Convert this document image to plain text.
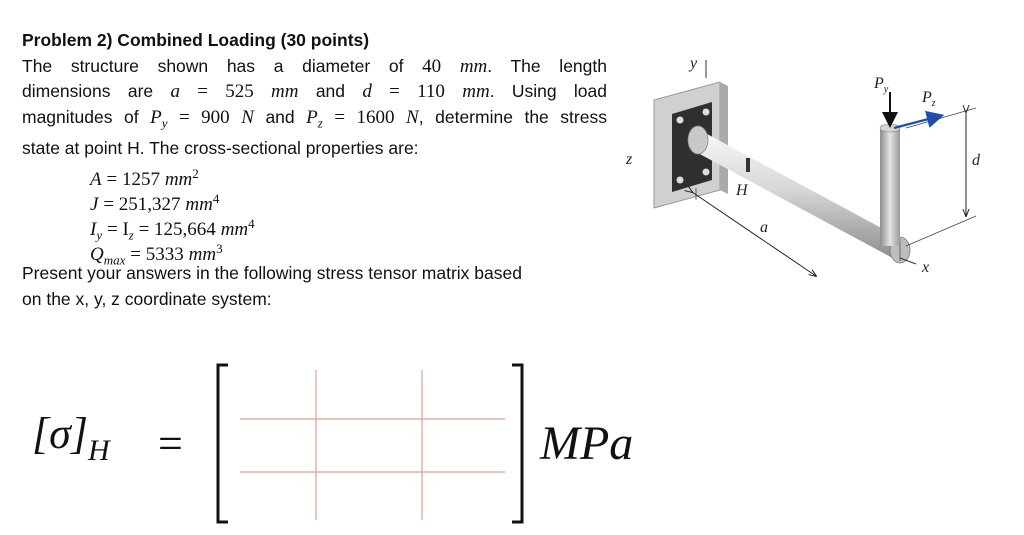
Problem 2) Combined Loading (30 points)

The structure shown has a diameter of 40 mm. The length

dimensions are a = 525 mm and d = 110 mm. Using load

magnitudes of $P_y = 900$ N and $P_z = 1600$ N, determine the stress

state at point H. The cross-sectional properties are:

A = 1257 $mm^2$
J = 251,327 $mm^4$
$I_y = I_z = 125,664$ $mm^4$
$Q_{max} = 5333$ $mm^3$

Present your answers in the following stress tensor matrix based

on the x, y, z coordinate system:

$[\sigma]_H$ =	MPa
y
z
H
$P_y$ $P_z$
d
a
x
